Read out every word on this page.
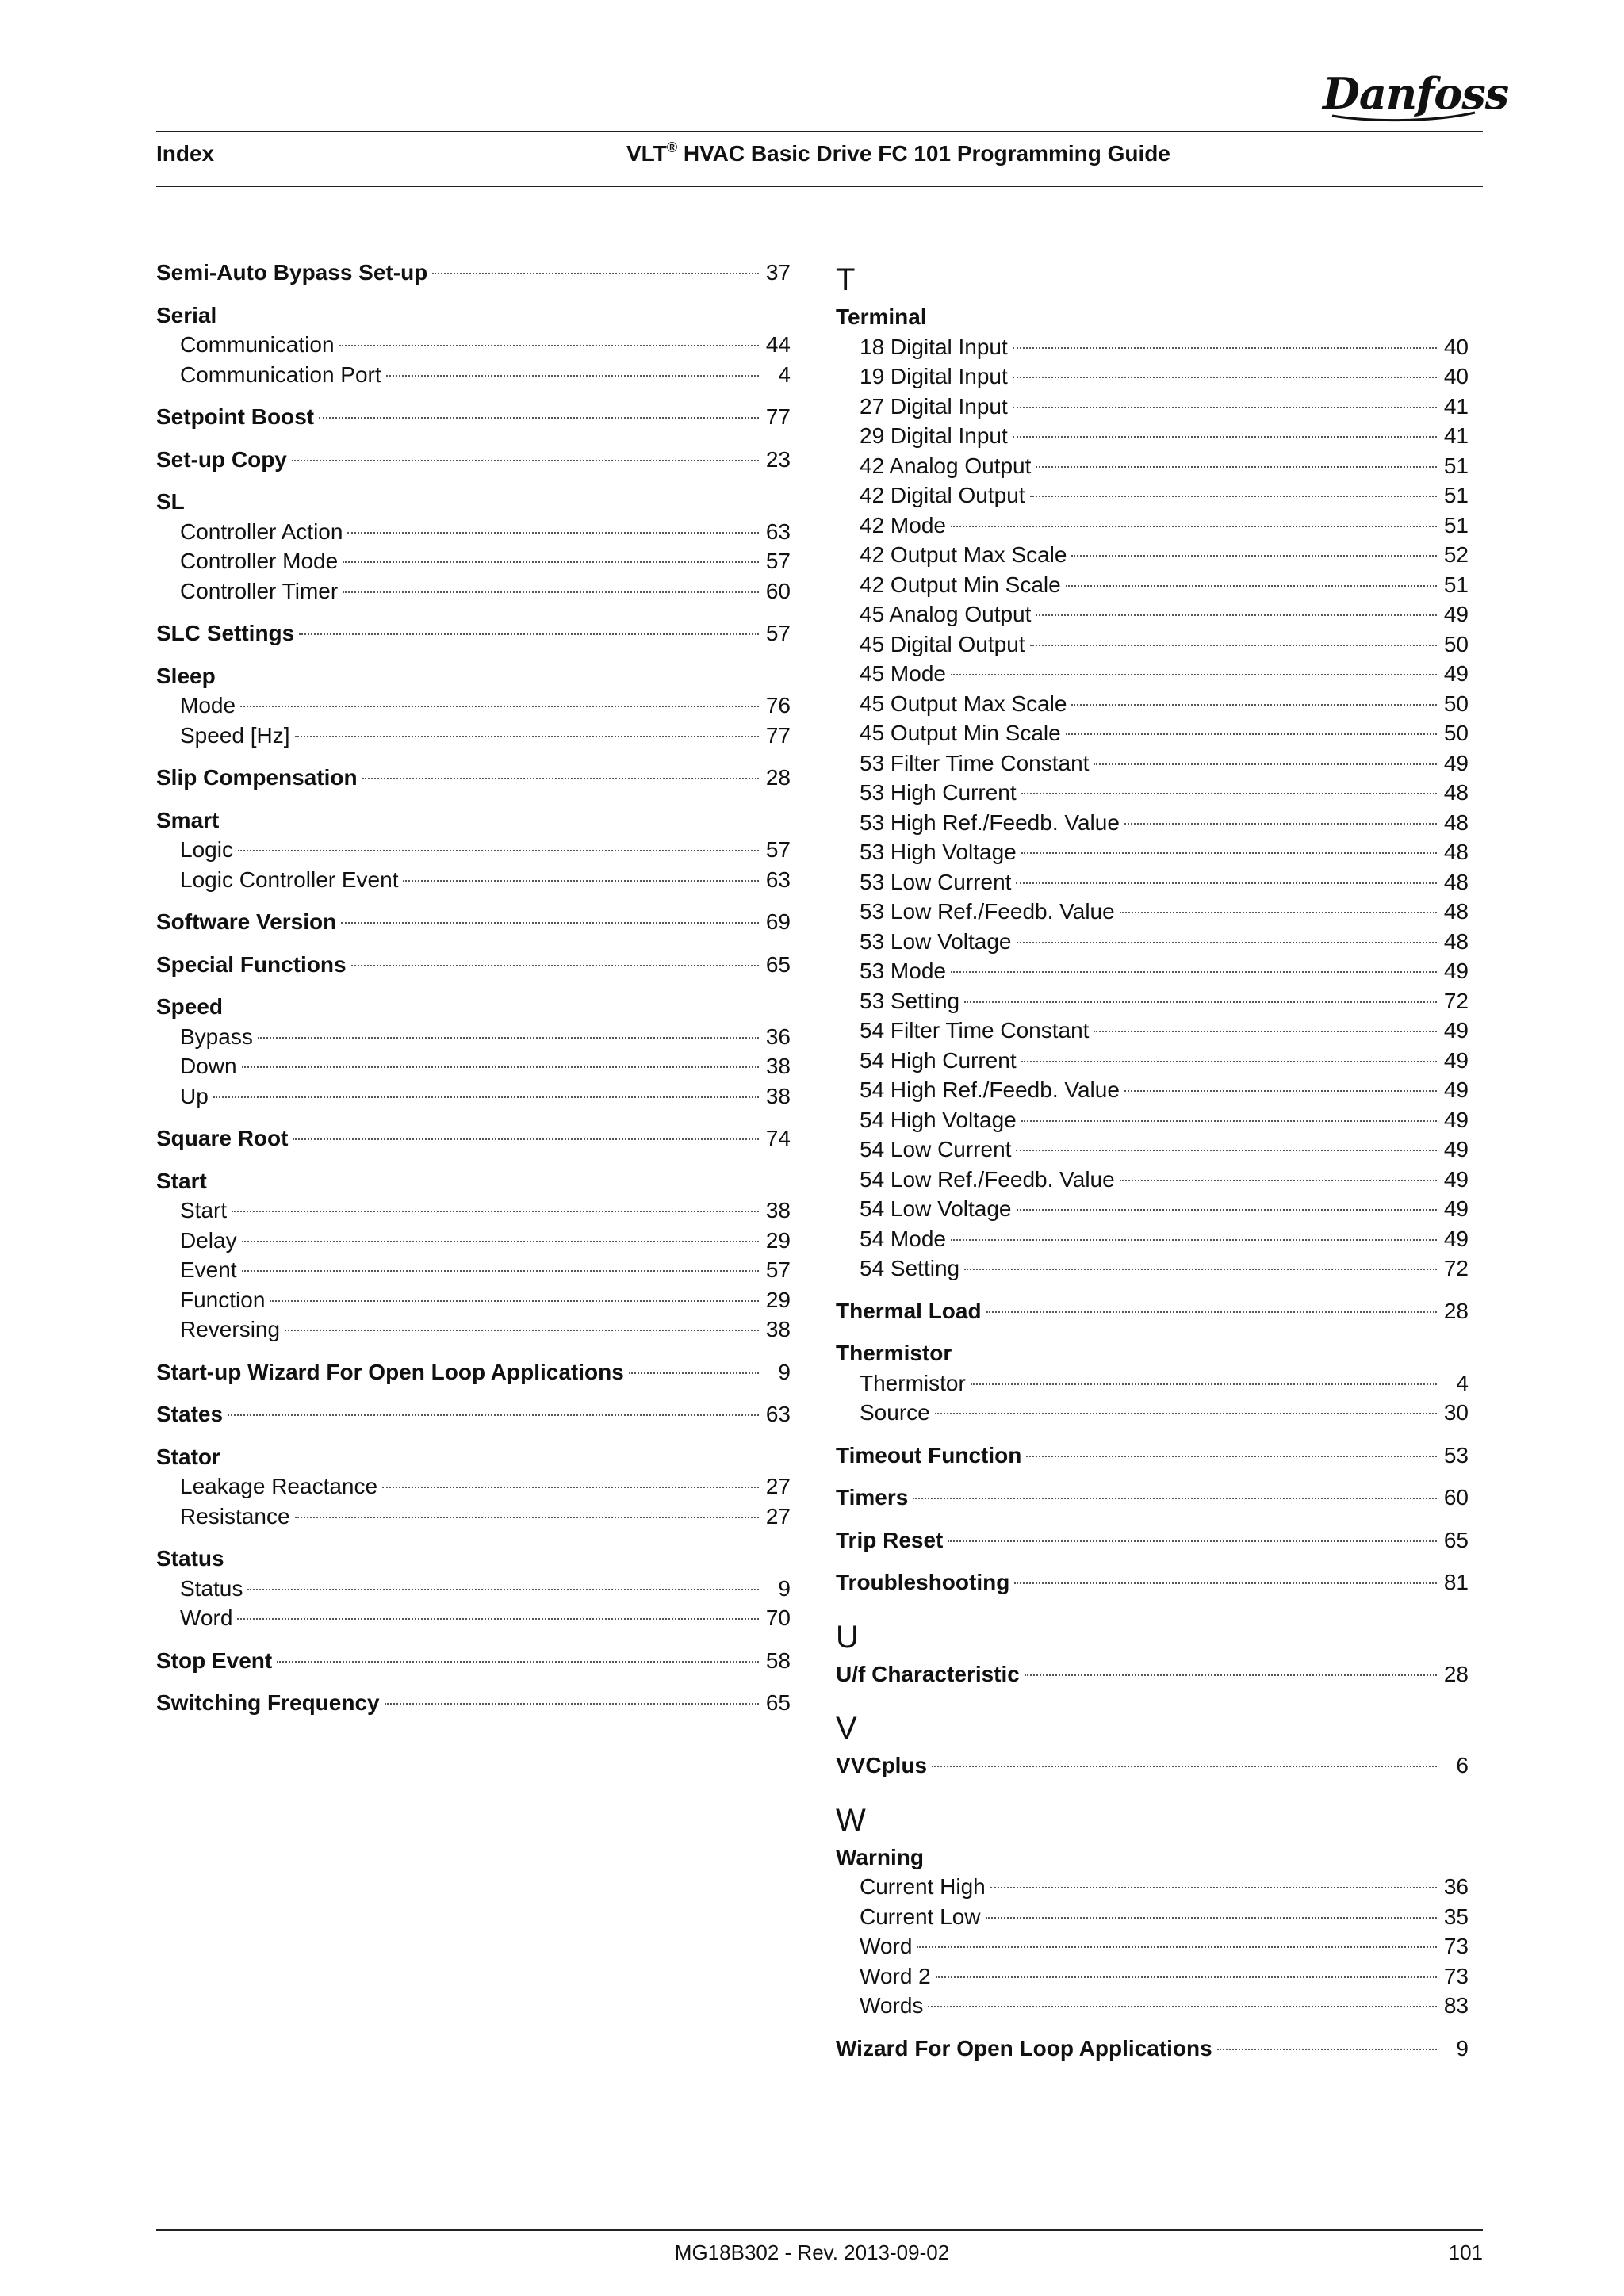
Danfoss
Index	VLT® HVAC Basic Drive FC 101 Programming Guide
Semi-Auto Bypass Set-up	37
Serial
Communication	44
Communication Port	4
Setpoint Boost	77
Set-up Copy	23
SL
Controller Action	63
Controller Mode	57
Controller Timer	60
SLC Settings	57
Sleep
Mode	76
Speed [Hz]	77
Slip Compensation	28
Smart
Logic	57
Logic Controller Event	63
Software Version	69
Special Functions	65
Speed
Bypass	36
Down	38
Up	38
Square Root	74
Start
Start	38
Delay	29
Event	57
Function	29
Reversing	38
Start-up Wizard For Open Loop Applications	9
States	63
Stator
Leakage Reactance	27
Resistance	27
Status
Status	9
Word	70
Stop Event	58
Switching Frequency	65
T
Terminal
18 Digital Input	40
19 Digital Input	40
27 Digital Input	41
29 Digital Input	41
42 Analog Output	51
42 Digital Output	51
42 Mode	51
42 Output Max Scale	52
42 Output Min Scale	51
45 Analog Output	49
45 Digital Output	50
45 Mode	49
45 Output Max Scale	50
45 Output Min Scale	50
53 Filter Time Constant	49
53 High Current	48
53 High Ref./Feedb. Value	48
53 High Voltage	48
53 Low Current	48
53 Low Ref./Feedb. Value	48
53 Low Voltage	48
53 Mode	49
53 Setting	72
54 Filter Time Constant	49
54 High Current	49
54 High Ref./Feedb. Value	49
54 High Voltage	49
54 Low Current	49
54 Low Ref./Feedb. Value	49
54 Low Voltage	49
54 Mode	49
54 Setting	72
Thermal Load	28
Thermistor
Thermistor	4
Source	30
Timeout Function	53
Timers	60
Trip Reset	65
Troubleshooting	81
U
U/f Characteristic	28
V
VVCplus	6
W
Warning
Current High	36
Current Low	35
Word	73
Word 2	73
Words	83
Wizard For Open Loop Applications	9
MG18B302 - Rev. 2013-09-02	101
